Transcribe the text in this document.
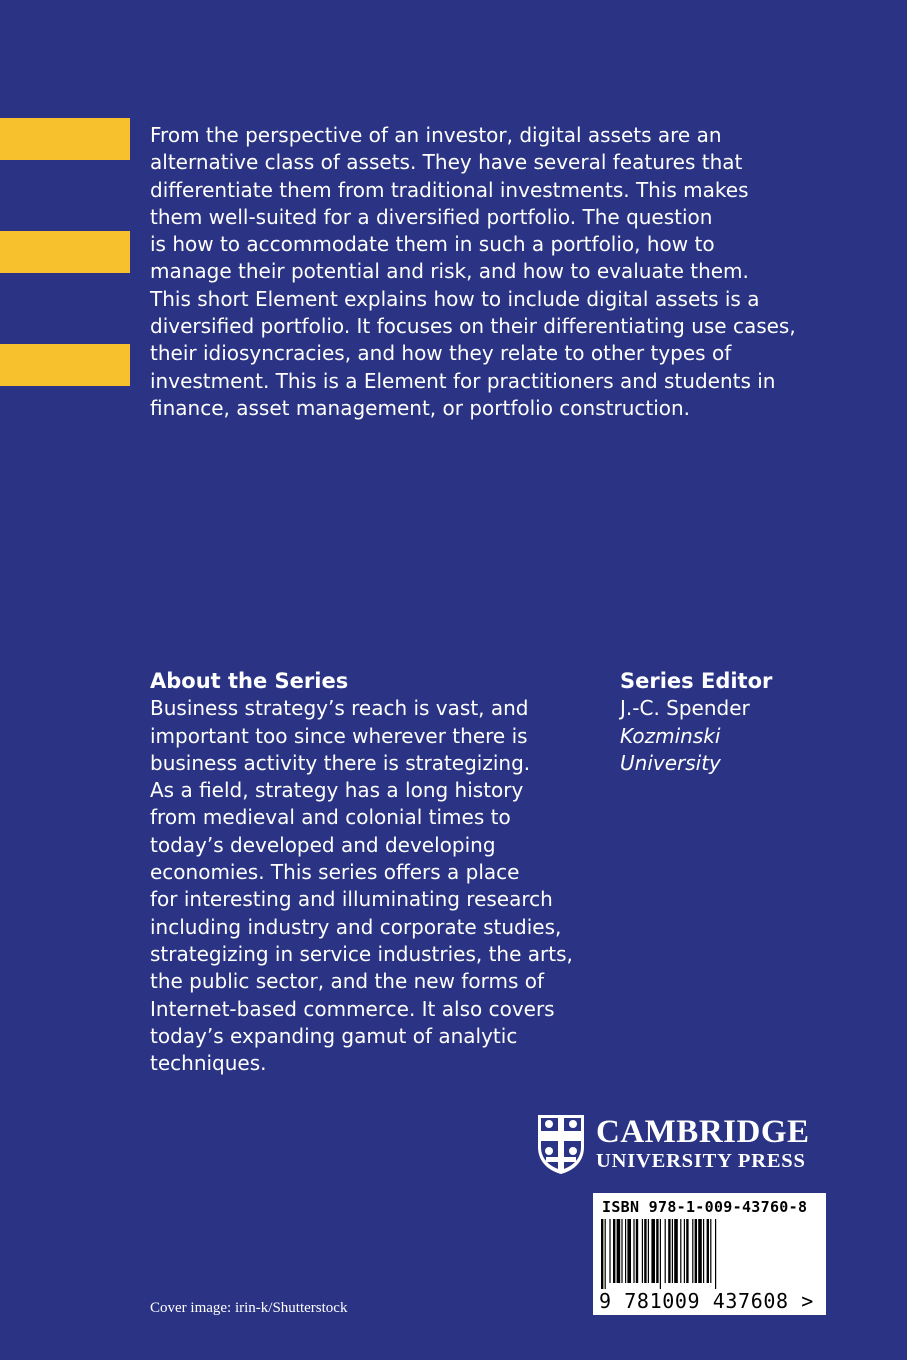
From the perspective of an investor, digital assets are an
alternative class of assets. They have several features that
differentiate them from traditional investments. This makes
them well-suited for a diversified portfolio. The question
is how to accommodate them in such a portfolio, how to
manage their potential and risk, and how to evaluate them.
This short Element explains how to include digital assets is a
diversified portfolio. It focuses on their differentiating use cases,
their idiosyncracies, and how they relate to other types of
investment. This is a Element for practitioners and students in
finance, asset management, or portfolio construction.

About the Series

Business strategy’s reach is vast, and
important too since wherever there is
business activity there is strategizing.
As a field, strategy has a long history
from medieval and colonial times to
today’s developed and developing
economies. This series offers a place
for interesting and illuminating research
including industry and corporate studies,
strategizing in service industries, the arts,
the public sector, and the new forms of
Internet-based commerce. It also covers
today’s expanding gamut of analytic
techniques.

Series Editor

J.-C. Spender
Kozminski
University
CAMBRIDGE
UNIVERSITY PRESS
ISBN 978-1-009-43760-8
9 781009 437608 >
Cover image: irin-k/Shutterstock
